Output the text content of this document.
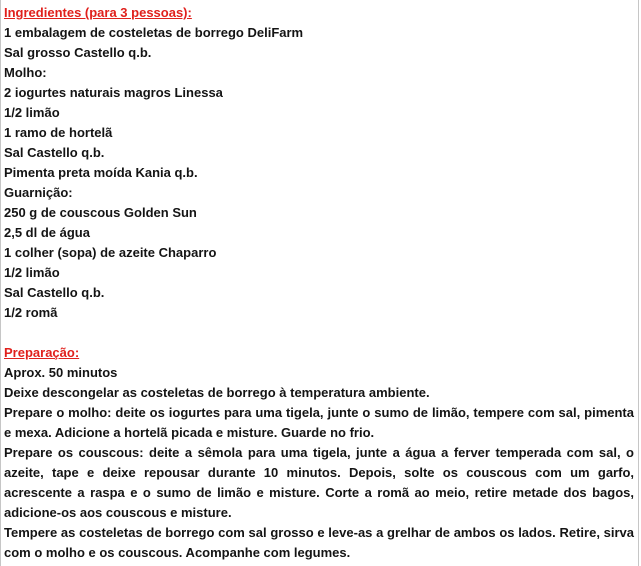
Ingredientes (para 3 pessoas):
1 embalagem de costeletas de borrego DeliFarm
Sal grosso Castello q.b.
Molho:
2 iogurtes naturais magros Linessa
1/2 limão
1 ramo de hortelã
Sal Castello q.b.
Pimenta preta moída Kania q.b.
Guarnição:
250 g de couscous Golden Sun
2,5 dl de água
1 colher (sopa) de azeite Chaparro
1/2 limão
Sal Castello q.b.
1/2 romã
Preparação:
Aprox. 50 minutos
Deixe descongelar as costeletas de borrego à temperatura ambiente.
Prepare o molho: deite os iogurtes para uma tigela, junte o sumo de limão, tempere com sal, pimenta e mexa. Adicione a hortelã picada e misture. Guarde no frio.
Prepare os couscous: deite a sêmola para uma tigela, junte a água a ferver temperada com sal, o azeite, tape e deixe repousar durante 10 minutos. Depois, solte os couscous com um garfo, acrescente a raspa e o sumo de limão e misture. Corte a romã ao meio, retire metade dos bagos, adicione-os aos couscous e misture.
Tempere as costeletas de borrego com sal grosso e leve-as a grelhar de ambos os lados. Retire, sirva com o molho e os couscous. Acompanhe com legumes.
